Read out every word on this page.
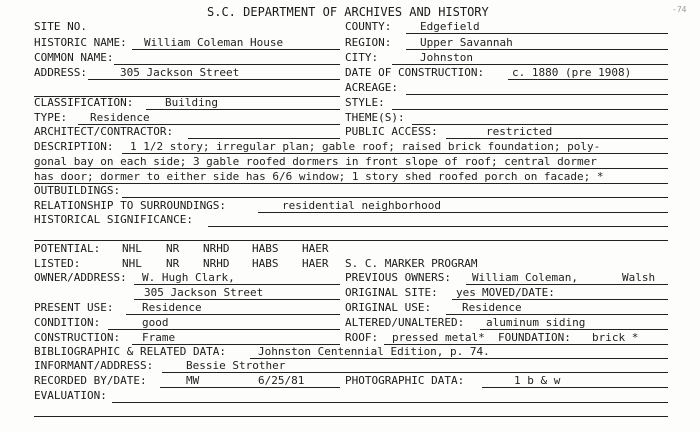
S.C. DEPARTMENT OF ARCHIVES AND HISTORY	-74
SITE NO.	COUNTY:	Edgefield
HISTORIC NAME: William Coleman House	REGION:	Upper Savannah
COMMON NAME:	CITY:	Johnston
ADDRESS:	305 Jackson Street	DATE OF CONSTRUCTION:	c. 1880 (pre 1908)
ACREAGE:
CLASSIFICATION:	Building	STYLE:
TYPE: Residence	THEME(S):
ARCHITECT/CONTRACTOR:	PUBLIC ACCESS:	restricted
DESCRIPTION: 1 1/2 story; irregular plan; gable roof; raised brick foundation; poly-
gonal bay on each side; 3 gable roofed dormers in front slope of roof; central dormer
has door; dormer to either side has 6/6 window; 1 story shed roofed porch on facade; *
OUTBUILDINGS:
RELATIONSHIP TO SURROUNDINGS:	residential neighborhood
HISTORICAL SIGNIFICANCE:
POTENTIAL: NHL NR NRHD HABS HAER
LISTED:	NHL NR NRHD HABS HAER S. C. MARKER PROGRAM
OWNER/ADDRESS: W. Hugh Clark,	PREVIOUS OWNERS: William Coleman,	Walsh
305 Jackson Street	ORIGINAL SITE: yes MOVED/DATE:
PRESENT USE:	Residence	ORIGINAL USE:	Residence
CONDITION:	good	ALTERED/UNALTERED: aluminum siding
CONSTRUCTION: Frame	ROOF: pressed metal* FOUNDATION: brick *
BIBLIOGRAPHIC & RELATED DATA:	Johnston Centennial Edition, p. 74.
INFORMANT/ADDRESS:	Bessie Strother
RECORDED BY/DATE:	MW	6/25/81	PHOTOGRAPHIC DATA:	1 b & w
EVALUATION:
